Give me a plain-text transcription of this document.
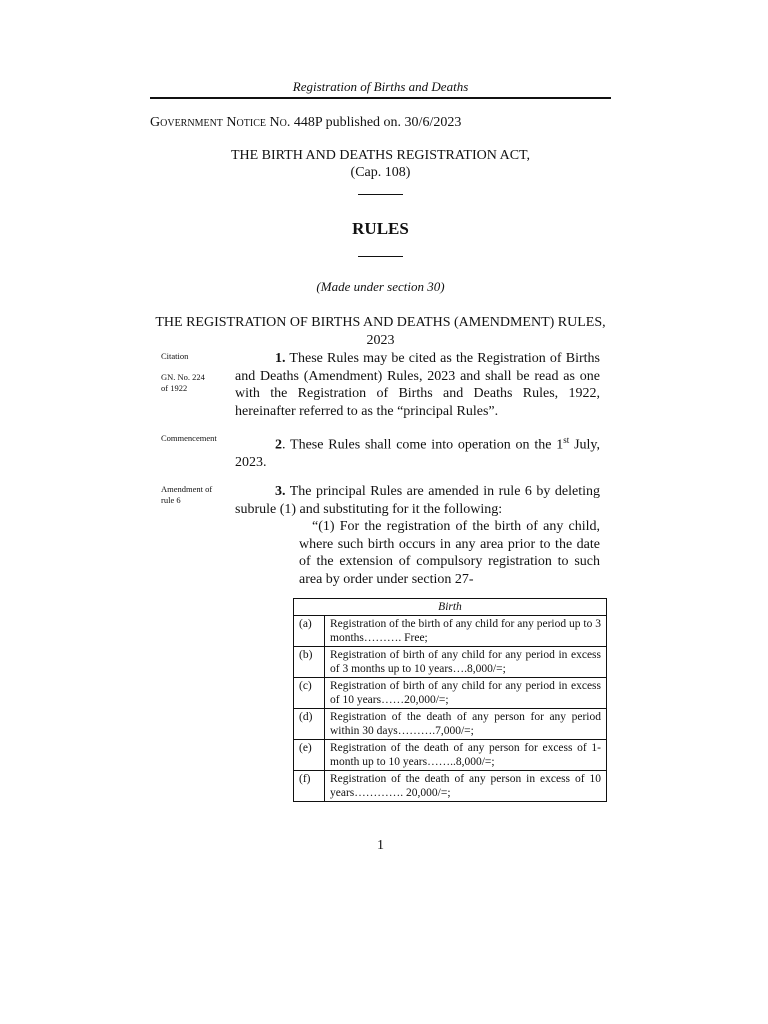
Registration of Births and Deaths
Government Notice No. 448P published on. 30/6/2023
THE BIRTH AND DEATHS REGISTRATION ACT,
(Cap. 108)
RULES
(Made under section 30)
THE REGISTRATION OF BIRTHS AND DEATHS (AMENDMENT) RULES,
2023
Citation
GN. No. 224 of 1922
1. These Rules may be cited as the Registration of Births and Deaths (Amendment) Rules, 2023 and shall be read as one with the Registration of Births and Deaths Rules, 1922, hereinafter referred to as the “principal Rules”.
Commencement	2. These Rules shall come into operation on the 1st July, 2023.
Amendment of rule 6
3. The principal Rules are amended in rule 6 by deleting subrule (1) and substituting for it the following:
“(1) For the registration of the birth of any child, where such birth occurs in any area prior to the date of the extension of compulsory registration to such area by order under section 27-
Birth	
(a)	Registration of the birth of any child for any period up to 3 months………. Free;
(b)	Registration of birth of any child for any period in excess of 3 months up to 10 years….8,000/=;
(c)	Registration of birth of any child for any period in excess of 10 years……20,000/=;
(d)	Registration of the death of any person for any period within 30 days……….7,000/=;
(e)	Registration of the death of any person for excess of 1-month up to 10 years……..8,000/=;
(f)	Registration of the death of any person in excess of 10 years…………. 20,000/=;
1
